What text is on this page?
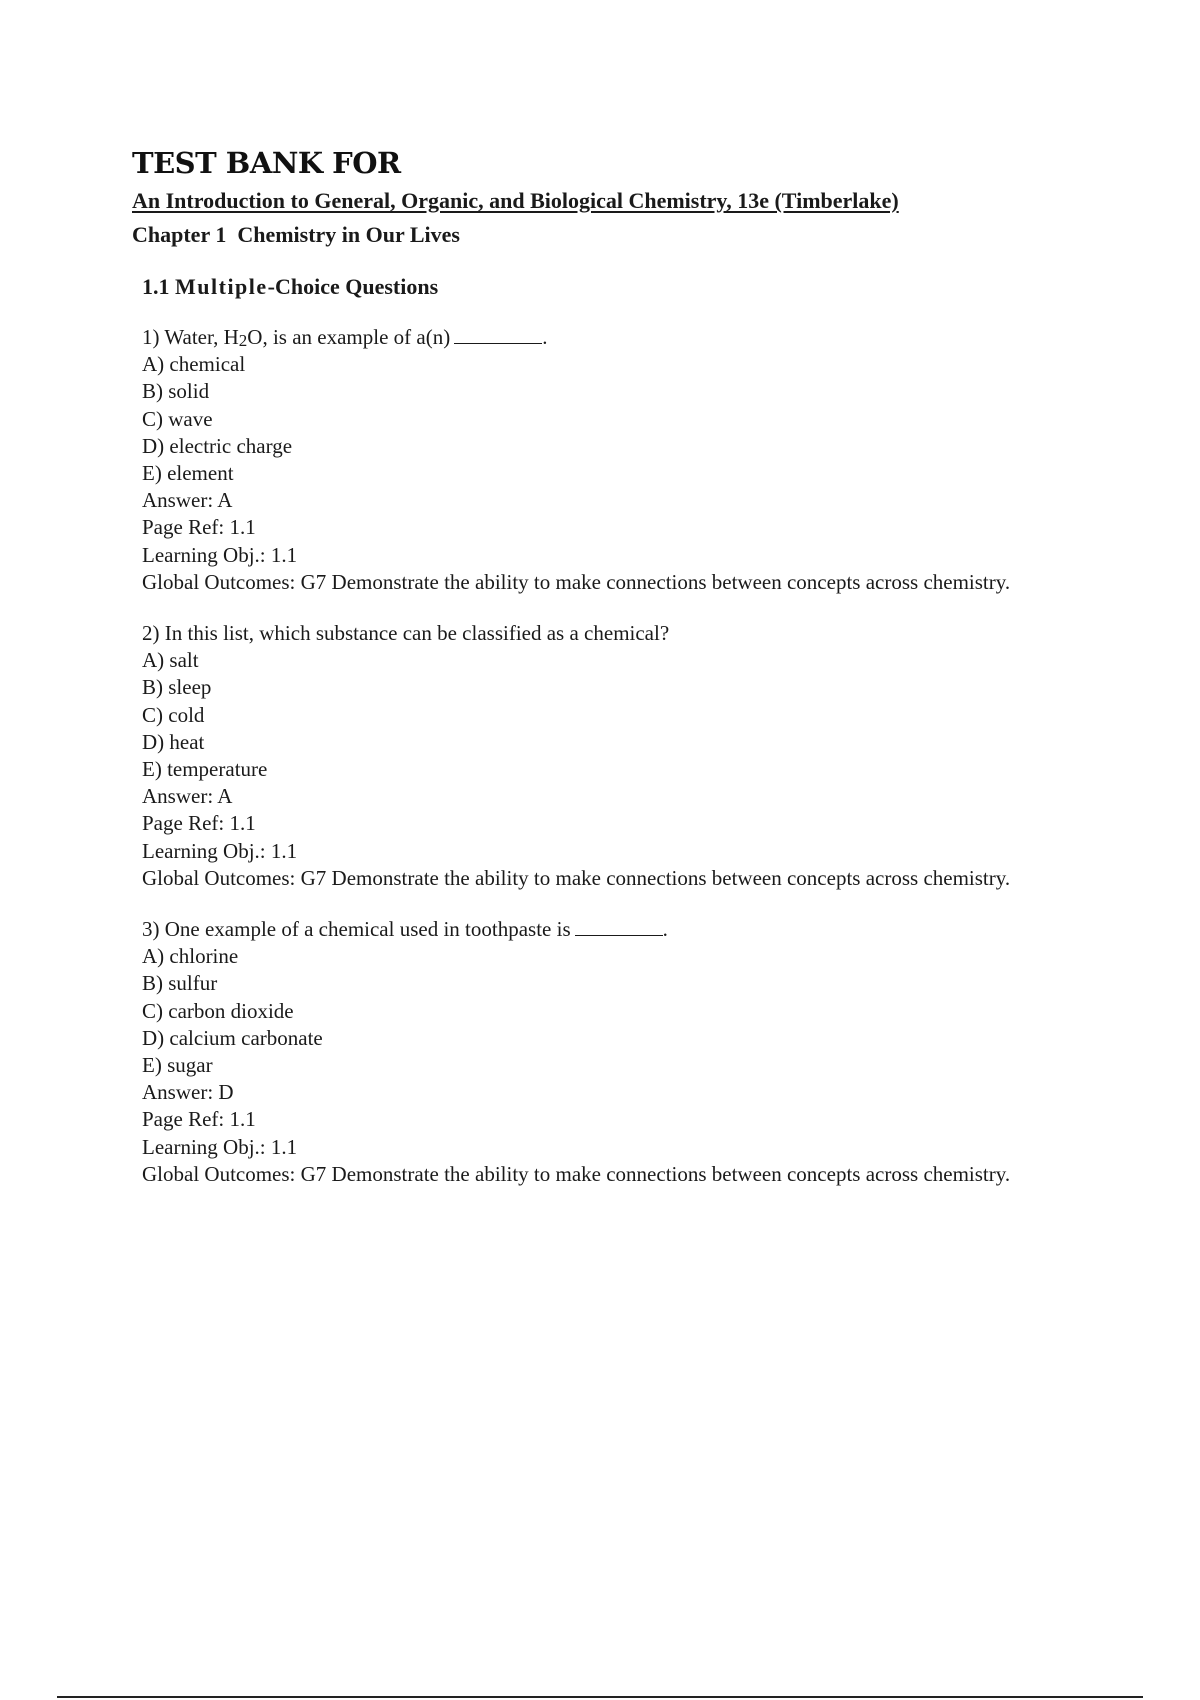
TEST BANK FOR
An Introduction to General, Organic, and Biological Chemistry, 13e (Timberlake)
Chapter 1 Chemistry in Our Lives
1.1 Multiple-Choice Questions
1) Water, $H_2O$, is an example of a(n)	.
A) chemical
B) solid
C) wave
D) electric charge
E) element
Answer: A
Page Ref: 1.1
Learning Obj.: 1.1
Global Outcomes: G7 Demonstrate the ability to make connections between concepts across chemistry.
2) In this list, which substance can be classified as a chemical?
A) salt
B) sleep
C) cold
D) heat
E) temperature
Answer: A
Page Ref: 1.1
Learning Obj.: 1.1
Global Outcomes: G7 Demonstrate the ability to make connections between concepts across chemistry.
3) One example of a chemical used in toothpaste is	.
A) chlorine
B) sulfur
C) carbon dioxide
D) calcium carbonate
E) sugar
Answer: D
Page Ref: 1.1
Learning Obj.: 1.1
Global Outcomes: G7 Demonstrate the ability to make connections between concepts across chemistry.
